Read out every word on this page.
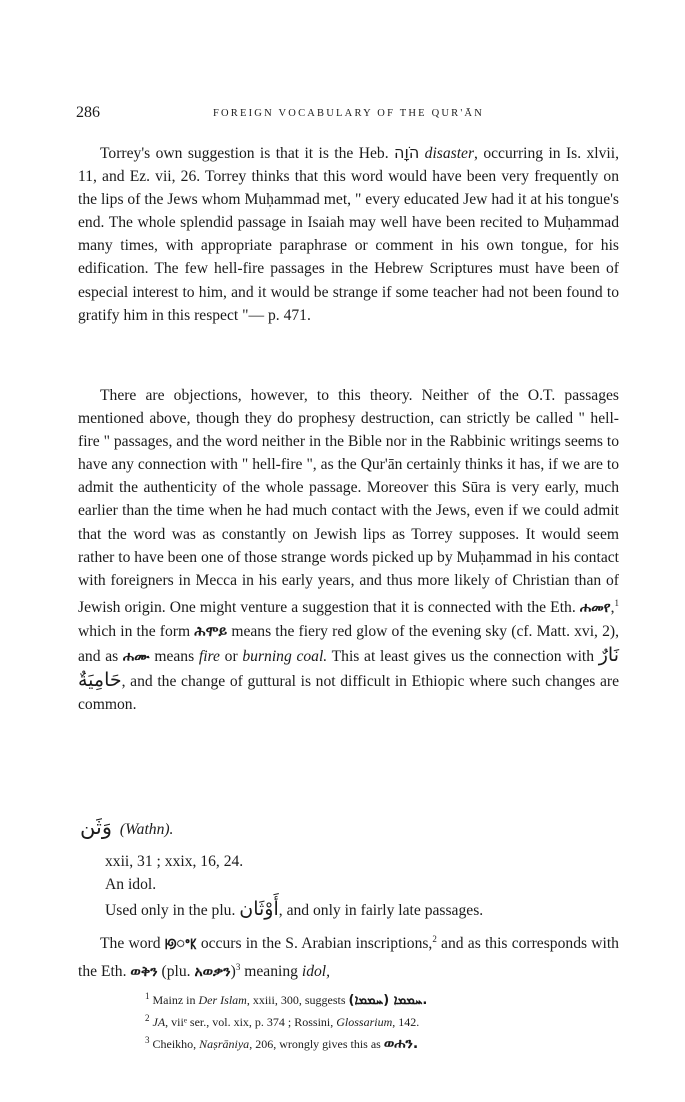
286	FOREIGN VOCABULARY OF THE QUR'ĀN

Torrey's own suggestion is that it is the Heb. הֹוָה disaster, occurring in Is. xlvii, 11, and Ez. vii, 26. Torrey thinks that this word would have been very frequently on the lips of the Jews whom Muḥammad met, " every educated Jew had it at his tongue's end. The whole splendid passage in Isaiah may well have been recited to Muḥammad many times, with appropriate paraphrase or comment in his own tongue, for his edification. The few hell-fire passages in the Hebrew Scriptures must have been of especial interest to him, and it would be strange if some teacher had not been found to gratify him in this respect "— p. 471.

There are objections, however, to this theory. Neither of the O.T. passages mentioned above, though they do prophesy destruction, can strictly be called " hell-fire " passages, and the word neither in the Bible nor in the Rabbinic writings seems to have any connection with " hell-fire ", as the Qur'ān certainly thinks it has, if we are to admit the authenticity of the whole passage. Moreover this Sūra is very early, much earlier than the time when he had much contact with the Jews, even if we could admit that the word was as constantly on Jewish lips as Torrey supposes. It would seem rather to have been one of those strange words picked up by Muḥammad in his contact with foreigners in Mecca in his early years, and thus more likely of Christian than of Jewish origin. One might venture a suggestion that it is connected with the Eth. ሐመየ,$^1$ which in the form ሕሞይ means the fiery red glow of the evening sky (cf. Matt. xvi, 2), and as ሐሙ means fire or burning coal. This at least gives us the connection with نَارٌ حَامِيَةٌ, and the change of guttural is not difficult in Ethiopic where such changes are common.

وَثَن (Wathn).
xxii, 31 ; xxix, 16, 24.
An idol.
Used only in the plu. أَوْثَان, and only in fairly late passages.

The word ꡟꢀꡡ occurs in the S. Arabian inscriptions,$^2$ and as this corresponds with the Eth. ወቅን (plu. አወቃን)$^3$ meaning idol,

$^1$ Mainz in Der Islam, xxiii, 300, suggests (ܚܡܡܐ) ܚܡܡܐ.
$^2$ JA, viiᵉ ser., vol. xix, p. 374 ; Rossini, Glossarium, 142.
$^3$ Cheikho, Naṣrāniya, 206, wrongly gives this as ወሐን.
